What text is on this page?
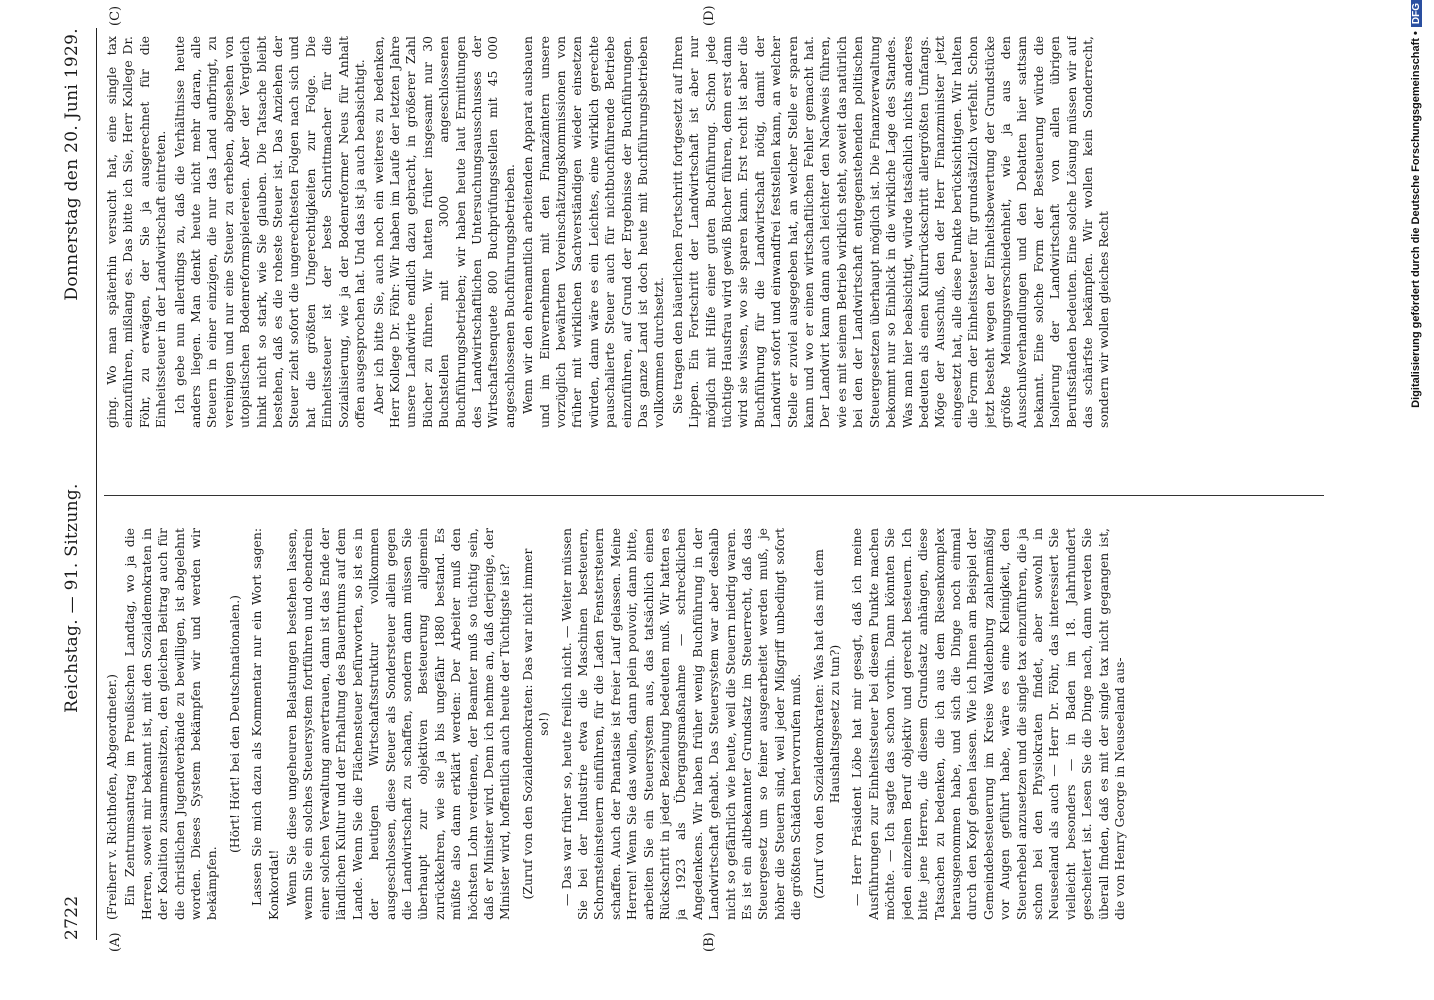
2722
Reichstag. — 91. Sitzung.
Donnerstag den 20. Juni 1929.
(A)	(B)
(C)	(D)

(Freiherr v. Richthofen, Abgeordneter.) Ein Zentrumsantrag im Preußischen Landtag, wo ja die Herren, soweit mir bekannt ist, mit den Sozialdemokraten in der Koalition zusammensitzen, den gleichen Beitrag auch für die christlichen Jugendverbände zu bewilligen, ist abgelehnt worden. Dieses System bekämpfen wir und werden wir bekämpfen.

(Hört! Hört! bei den Deutschnationalen.) Lassen Sie mich dazu als Kommentar nur ein Wort sagen: Konkordat! Wenn Sie diese ungeheuren Belastungen bestehen lassen, wenn Sie ein solches Steuersystem fortführen und obendrein einer solchen Verwaltung anvertrauen, dann ist das Ende der ländlichen Kultur und der Erhaltung des Bauerntums auf dem Lande. Wenn Sie die Flächensteuer befürworten, so ist es in der heutigen Wirtschaftsstruktur vollkommen ausgeschlossen, diese Steuer als Sondersteuer allein gegen die Landwirtschaft zu schaffen, sondern dann müssen Sie überhaupt zur objektiven Besteuerung allgemein zurückkehren, wie sie ja bis ungefähr 1880 bestand. Es müßte also dann erklärt werden: Der Arbeiter muß den höchsten Lohn verdienen, der Beamter muß so tüchtig sein, daß er Minister wird. Denn ich nehme an, daß derjenige, der Minister wird, hoffentlich auch heute der Tüchtigste ist? (Zuruf von den Sozialdemokraten: Das war nicht immer so!) — Das war früher so, heute freilich nicht. — Weiter müssen Sie bei der Industrie etwa die Maschinen besteuern, Schornsteinsteuern einführen, für die Laden Fenstersteuern schaffen. Auch der Phantasie ist freier Lauf gelassen. Meine Herren! Wenn Sie das wollen, dann plein pouvoir, dann bitte, arbeiten Sie ein Steuersystem aus, das tatsächlich einen Rückschritt in jeder Beziehung bedeuten muß. Wir hatten es ja 1923 als Übergangsmaßnahme — schrecklichen Angedenkens. Wir haben früher wenig Buchführung in der Landwirtschaft gehabt. Das Steuersystem war aber deshalb nicht so gefährlich wie heute, weil die Steuern niedrig waren. Es ist ein altbekannter Grundsatz im Steuerrecht, daß das Steuergesetz um so feiner ausgearbeitet werden muß, je höher die Steuern sind, weil jeder Mißgriff unbedingt sofort die größten Schäden hervorrufen muß. (Zuruf von den Sozialdemokraten: Was hat das mit dem Haushaltsgesetz zu tun?) — Herr Präsident Löbe hat mir gesagt, daß ich meine Ausführungen zur Einheitssteuer bei diesem Punkte machen möchte. — Ich sagte das schon vorhin. Dann könnten Sie jeden einzelnen Beruf objektiv und gerecht besteuern. Ich bitte jene Herren, die diesem Grundsatz anhängen, diese Tatsachen zu bedenken, die ich aus dem Riesenkomplex herausgenommen habe, und sich die Dinge noch einmal durch den Kopf gehen lassen. Wie ich Ihnen am Beispiel der Gemeindebesteuerung im Kreise Waldenburg zahlenmäßig vor Augen geführt habe, wäre es eine Kleinigkeit, den Steuerhebel anzusetzen und die single tax einzuführen, die ja schon bei den Physiokraten findet, aber sowohl in Neuseeland als auch — Herr Dr. Föhr, das interessiert Sie vielleicht besonders — in Baden im 18. Jahrhundert gescheitert ist. Lesen Sie die Dinge nach, dann werden Sie überall finden, daß es mit der single tax nicht gegangen ist, die von Henry George in Neuseeland aus-

ging. Wo man späterhin versucht hat, eine single tax einzuführen, mißlang es. Das bitte ich Sie, Herr Kollege Dr. Föhr, zu erwägen, der Sie ja ausgerechnet für die Einheitssteuer in der Landwirtschaft eintreten. Ich gebe nun allerdings zu, daß die Verhältnisse heute anders liegen. Man denkt heute nicht mehr daran, alle Steuern in einer einzigen, die nur das Land aufbringt, zu vereinigen und nur eine Steuer zu erheben, abgesehen von utopistischen Bodenreformspielereien. Aber der Vergleich hinkt nicht so stark, wie Sie glauben. Die Tatsache bleibt bestehen, daß es die roheste Steuer ist. Das Anziehen der Steuer zieht sofort die ungerechtesten Folgen nach sich und hat die größten Ungerechtigkeiten zur Folge. Die Einheitssteuer ist der beste Schrittmacher für die Sozialisierung, wie ja der Bodenreformer Neus für Anhalt offen ausgesprochen hat. Und das ist ja auch beabsichtigt. Aber ich bitte Sie, auch noch ein weiteres zu bedenken, Herr Kollege Dr. Föhr: Wir haben im Laufe der letzten Jahre unsere Landwirte endlich dazu gebracht, in größerer Zahl Bücher zu führen. Wir hatten früher insgesamt nur 30 Buchstellen mit 3000 angeschlossenen Buchführungsbetrieben; wir haben heute laut Ermittlungen des Landwirtschaftlichen Untersuchungsausschusses der Wirtschaftsenquete 800 Buchprüfungsstellen mit 45 000 angeschlossenen Buchführungsbetrieben. Wenn wir den ehrenamtlich arbeitenden Apparat ausbauen und im Einvernehmen mit den Finanzämtern unsere vorzüglich bewährten Voreinschätzungskommissionen von früher mit wirklichen Sachverständigen wieder einsetzen würden, dann wäre es ein Leichtes, eine wirklich gerechte pauschalierte Steuer auch für nichtbuchführende Betriebe einzuführen, auf Grund der Ergebnisse der Buchführungen. Das ganze Land ist doch heute mit Buchführungsbetrieben vollkommen durchsetzt. Sie tragen den bäuerlichen Fortschritt fortgesetzt auf Ihren Lippen. Ein Fortschritt der Landwirtschaft ist aber nur möglich mit Hilfe einer guten Buchführung. Schon jede tüchtige Hausfrau wird gewiß Bücher führen, denn erst dann wird sie wissen, wo sie sparen kann. Erst recht ist aber die Buchführung für die Landwirtschaft nötig, damit der Landwirt sofort und einwandfrei feststellen kann, an welcher Stelle er zuviel ausgegeben hat, an welcher Stelle er sparen kann und wo er einen wirtschaftlichen Fehler gemacht hat. Der Landwirt kann dann auch leichter den Nachweis führen, wie es mit seinem Betrieb wirklich steht, soweit das natürlich bei den der Landwirtschaft entgegenstehenden politischen Steuergesetzen überhaupt möglich ist. Die Finanzverwaltung bekommt nur so Einblick in die wirkliche Lage des Standes. Was man hier beabsichtigt, würde tatsächlich nichts anderes bedeuten als einen Kulturrückschritt allergrößten Umfangs. Möge der Ausschuß, den der Herr Finanzminister jetzt eingesetzt hat, alle diese Punkte berücksichtigen. Wir halten die Form der Einheitssteuer für grundsätzlich verfehlt. Schon jetzt besteht wegen der Einheitsbewertung der Grundstücke größte Meinungsverschiedenheit, wie ja aus den Ausschußverhandlungen und den Debatten hier sattsam bekannt. Eine solche Form der Besteuerung würde die Isolierung der Landwirtschaft von allen übrigen Berufsständen bedeuten. Eine solche Lösung müssen wir auf das schärfste bekämpfen. Wir wollen kein Sonderrecht, sondern wir wollen gleiches Recht	Digitalisierung gefördert durch die Deutsche Forschungsgemeinschaft •DFG
